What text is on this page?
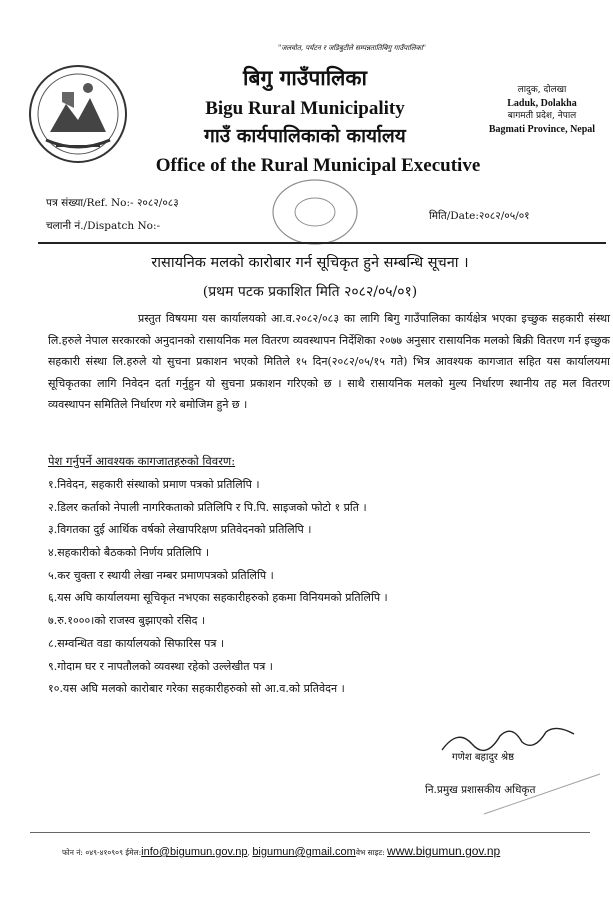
"जलवोत, पर्यटन र जडिबुटीले सम्पन्नतातिबिगु गाउँपालिका"
बिगु गाउँपालिका
Bigu Rural Municipality
गाउँ कार्यपालिकाको कार्यालय
Office of the Rural Municipal Executive
लादुक, दोलखा
Laduk, Dolakha
बागमती प्रदेश, नेपाल
Bagmati Province, Nepal
पत्र संख्या/Ref. No:- २०८२/०८३
चलानी नं./Dispatch No:-
मिति/Date:२०८२/०५/०१
रासायनिक मलको कारोबार गर्न सूचिकृत हुने सम्बन्धि सूचना ।
(प्रथम पटक प्रकाशित मिति २०८२/०५/०१)
प्रस्तुत विषयमा यस कार्यालयको आ.व.२०८२/०८३ का लागि बिगु गाउँपालिका कार्यक्षेत्र भएका इच्छुक सहकारी संस्था लि.हरुले नेपाल सरकारको अनुदानको रासायनिक मल वितरण व्यवस्थापन निर्देशिका २०७७ अनुसार रासायनिक मलको बिक्री वितरण गर्न इच्छुक सहकारी संस्था लि.हरुले यो सुचना प्रकाशन भएको मितिले १५ दिन(२०८२/०५/१५ गते) भित्र आवश्यक कागजात सहित यस कार्यालयमा सूचिकृतका लागि निवेदन दर्ता गर्नुहुन यो सुचना प्रकाशन गरिएको छ । साथै रासायनिक मलको मुल्य निर्धारण स्थानीय तह मल वितरण व्यवस्थापन समितिले निर्धारण गरे बमोजिम हुने छ ।
पेश गर्नुपर्ने आवश्यक कागजातहरुको विवरण:
१.निवेदन, सहकारी संस्थाको प्रमाण पत्रको प्रतिलिपि ।
२.डिलर कर्ताको नेपाली नागरिकताको प्रतिलिपि र पि.पि. साइजको फोटो १ प्रति ।
३.विगतका दुई आर्थिक वर्षको लेखापरिक्षण प्रतिवेदनको प्रतिलिपि ।
४.सहकारीको बैठकको निर्णय प्रतिलिपि ।
५.कर चुक्ता र स्थायी लेखा नम्बर प्रमाणपत्रको प्रतिलिपि ।
६.यस अघि कार्यालयमा सूचिकृत नभएका सहकारीहरुको हकमा विनियमको प्रतिलिपि ।
७.रु.१०००।को राजस्व बुझाएको रसिद ।
८.सम्वन्धित वडा कार्यालयको सिफारिस पत्र ।
९.गोदाम घर र नापतौलको व्यवस्था रहेको उल्लेखीत पत्र ।
१०.यस अघि मलको कारोबार गरेका सहकारीहरुको सो आ.व.को प्रतिवेदन ।
गणेश बहादुर श्रेष्ठ
नि.प्रमुख प्रशासकीय अधिकृत
फोन नं: ०४९-४१०९०९ ईमेल:info@bigumun.gov.np, bigumun@gmail.comवेभ साइट: www.bigumun.gov.np
